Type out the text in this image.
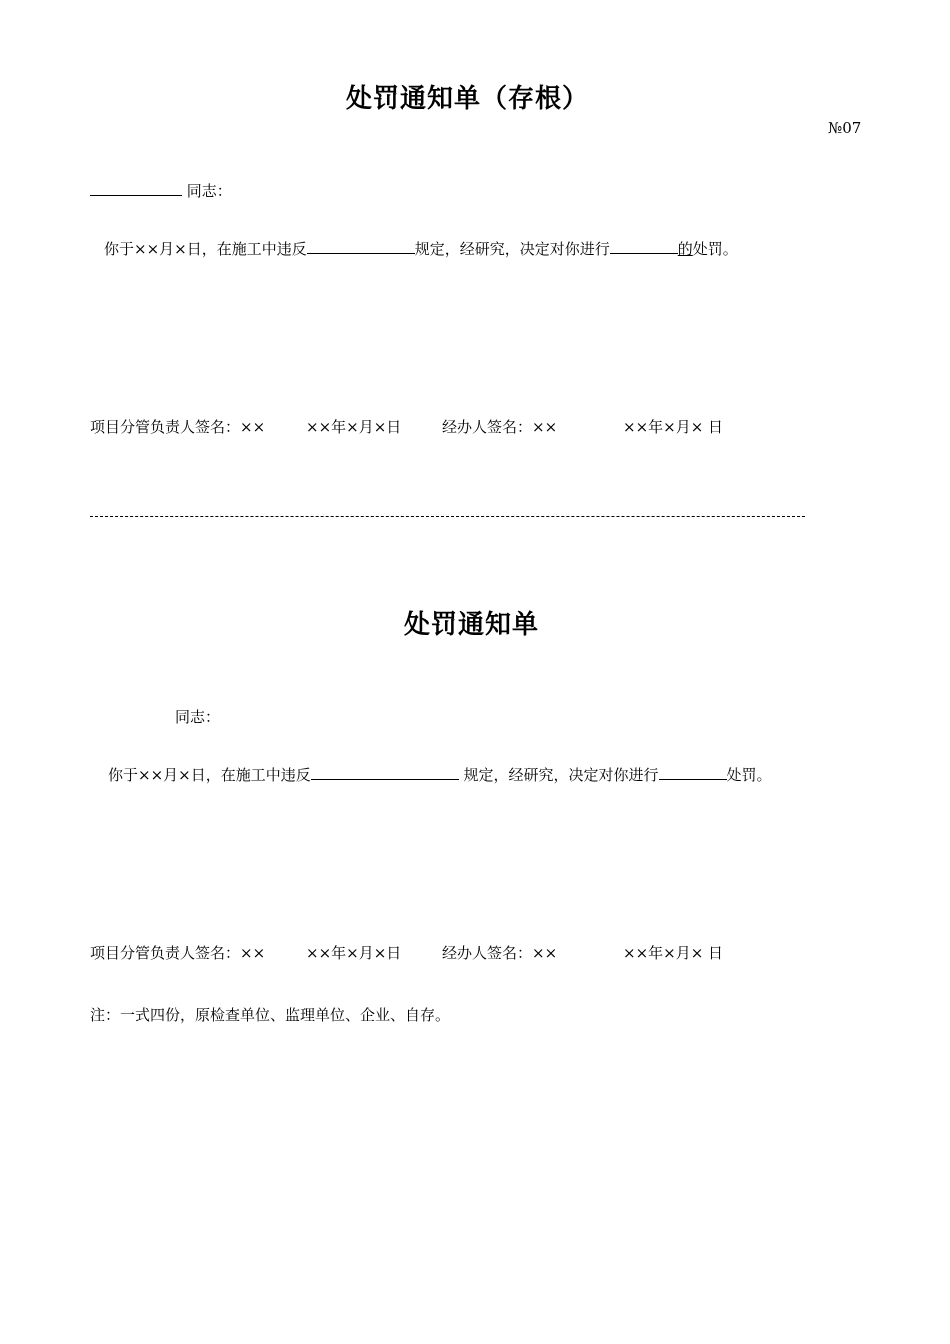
处罚通知单（存根）
№07
同志：
你于××月×日，在施工中违反	规定，经研究，决定对你进行	的处罚。
项目分管负责人签名：××	××年×月×日	经办人签名：××	××年×月× 日
处罚通知单
同志：
你于××月×日，在施工中违反	规定，经研究，决定对你进行	处罚。
项目分管负责人签名：××	××年×月×日	经办人签名：××	××年×月× 日
注：一式四份，原检查单位、监理单位、企业、自存。
